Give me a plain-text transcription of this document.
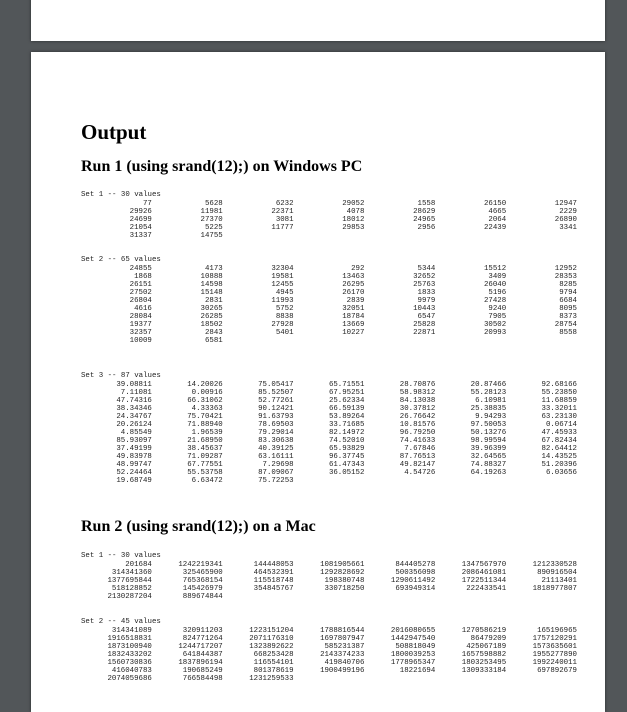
Output
Run 1 (using srand(12);) on Windows PC
Set 1 -- 30 values
77	5628	6232	29052	1558	26150	12947
29926	11981	22371	4078	28629	4665	2229
24699	27370	3081	18012	24965	2064	26890
21054	5225	11777	29853	2956	22439	3341
31337	14755
Set 2 -- 65 values
24855	4173	32304	292	5344	15512	12952
1868	10888	19581	13463	32652	3409	28353
26151	14598	12455	26295	25763	26040	8285
27502	15148	4945	26170	1833	5196	9794
26804	2831	11993	2839	9979	27428	6684
4616	30265	5752	32051	10443	9240	8095
28084	26285	8838	18784	6547	7905	8373
19377	18502	27928	13669	25828	30502	28754
32357	2843	5401	10227	22871	20993	8558
10009	6581
Set 3 -- 87 values
39.08811	14.20026	75.05417	65.71551	28.70876	20.87466	92.68166
7.11081	0.00916	85.52507	67.95251	58.98312	55.28123	55.23850
47.74316	66.31062	52.77261	25.62334	84.13038	6.10981	11.68859
38.34346	4.33363	90.12421	66.59139	30.37812	25.38835	33.32011
24.34767	75.70421	91.63793	53.89264	26.76642	9.94293	63.23130
20.26124	71.88940	78.69503	33.71685	10.81576	97.50053	0.06714
4.85549	1.96539	79.29014	82.14972	96.79250	50.13276	47.45933
85.93097	21.68950	83.30638	74.52010	74.41633	98.99594	67.82434
37.49199	38.45637	40.39125	65.93829	7.67846	39.96399	82.64412
49.83978	71.09287	63.16111	96.37745	87.76513	32.64565	14.43525
48.99747	67.77551	7.29698	61.47343	49.82147	74.88327	51.20396
52.24464	55.53758	87.09067	36.05152	4.54726	64.19263	6.03656
19.68749	6.63472	75.72253
Run 2 (using srand(12);) on a Mac
Set 1 -- 30 values
201684	1242219341	144448053	1081905661	844405278	1347567970	1212330528
314341360	325465900	464532391	1292828692	500356098	2086461081	890916504
1377695844	765368154	115518748	198380748	1290611492	1722511344	21113401
518128852	145426979	354845767	330718250	693949314	222433541	1818977807
2130287204	889674844
Set 2 -- 45 values
314341089	320911203	1223151204	1788816544	2016080655	1270586219	165196965
1916518831	824771264	2071176310	1697807947	1442947540	86479209	1757120291
1873100940	1244717207	1323892622	585231387	508818049	425067189	1573635601
1832433202	641844387	668253428	2143374233	1800039253	1657598882	1955277890
1560730836	1837896194	116554101	419840706	1778965347	1803253495	1992240011
416040783	190685249	801378619	1900499196	18221694	1309333184	697892679
2074059686	766584498	1231259533
